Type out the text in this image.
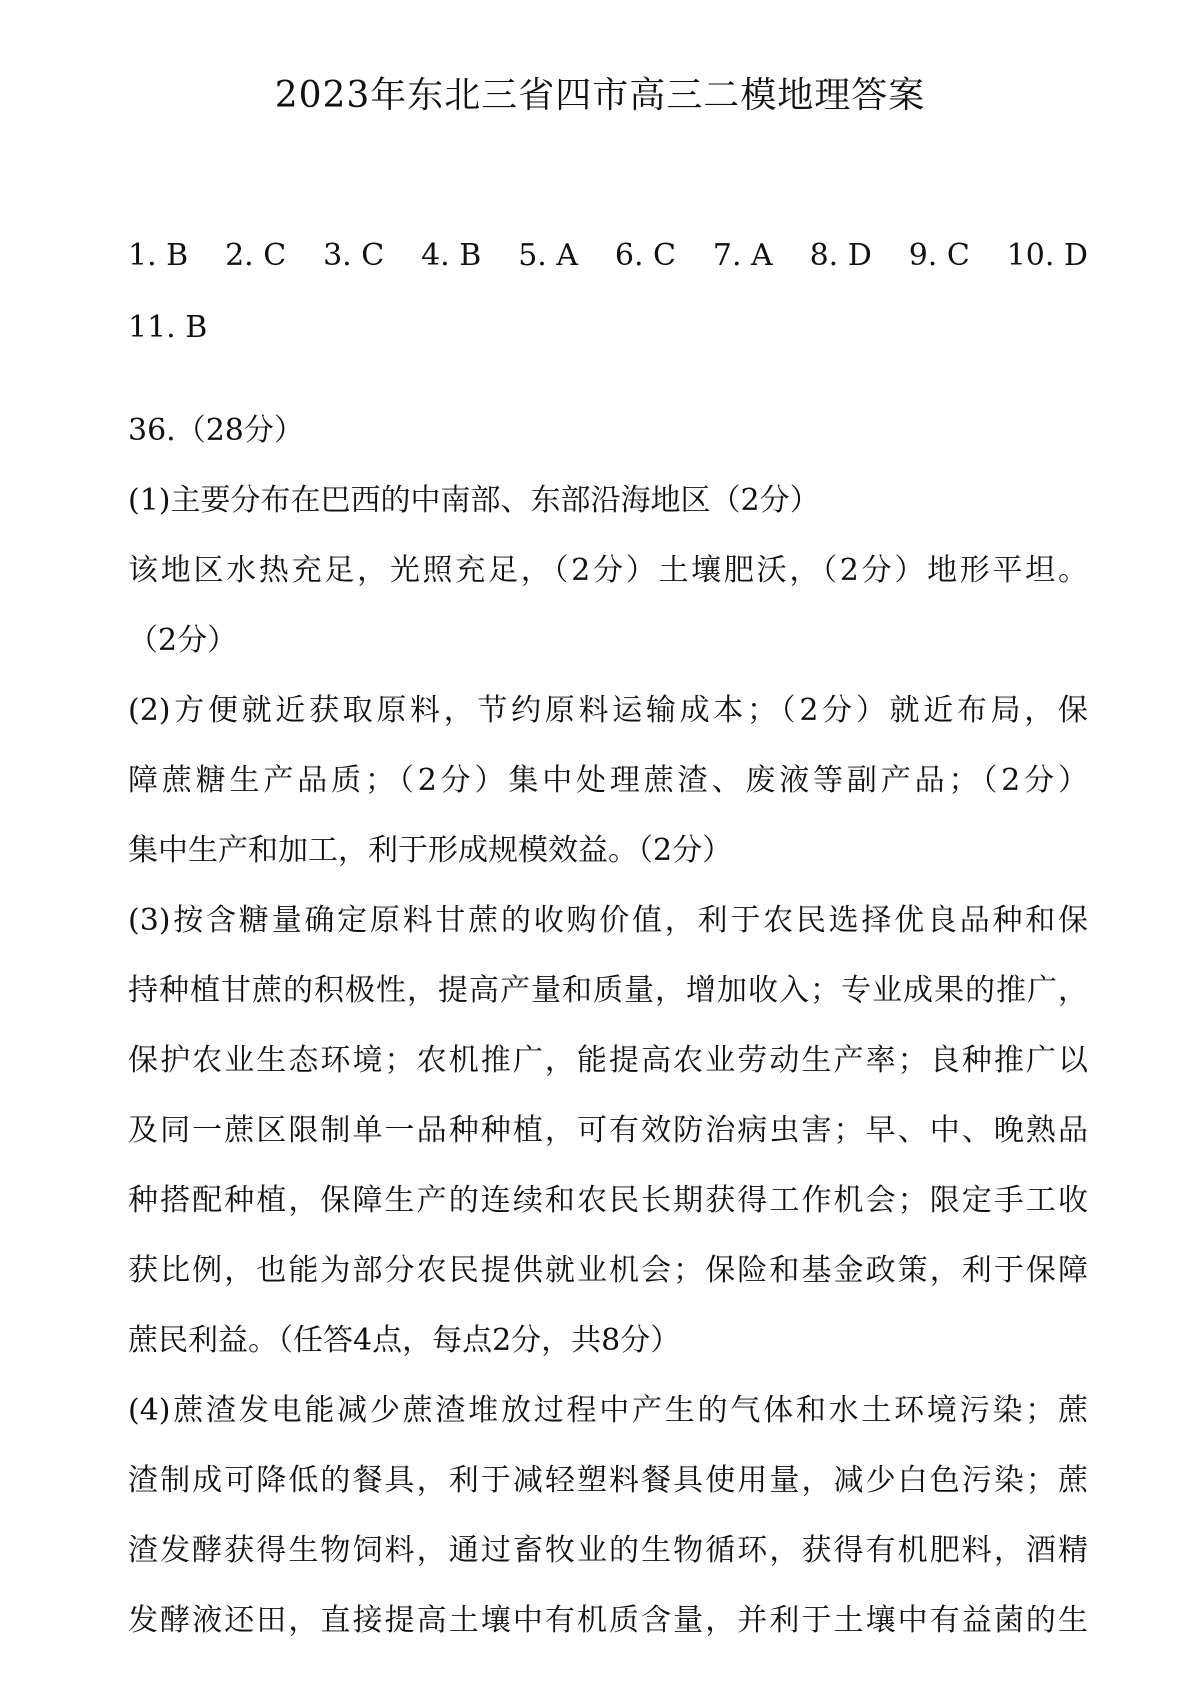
2023年东北三省四市高三二模地理答案
1. B 2. C 3. C 4. B 5. A 6. C 7. A 8. D 9. C 10. D
11. B
36.（28分）
(1)主要分布在巴西的中南部、东部沿海地区（2分）
该地区水热充足，光照充足，（2分）土壤肥沃，（2分）地形平坦。
（2分）
(2)方便就近获取原料，节约原料运输成本；（2分）就近布局，保
障蔗糖生产品质；（2分）集中处理蔗渣、废液等副产品；（2分）
集中生产和加工，利于形成规模效益。（2分）
(3)按含糖量确定原料甘蔗的收购价值，利于农民选择优良品种和保
持种植甘蔗的积极性，提高产量和质量，增加收入；专业成果的推广，
保护农业生态环境；农机推广，能提高农业劳动生产率；良种推广以
及同一蔗区限制单一品种种植，可有效防治病虫害；早、中、晚熟品
种搭配种植，保障生产的连续和农民长期获得工作机会；限定手工收
获比例，也能为部分农民提供就业机会；保险和基金政策，利于保障
蔗民利益。（任答4点，每点2分，共8分）
(4)蔗渣发电能减少蔗渣堆放过程中产生的气体和水土环境污染；蔗
渣制成可降低的餐具，利于减轻塑料餐具使用量，减少白色污染；蔗
渣发酵获得生物饲料，通过畜牧业的生物循环，获得有机肥料，酒精
发酵液还田，直接提高土壤中有机质含量，并利于土壤中有益菌的生
